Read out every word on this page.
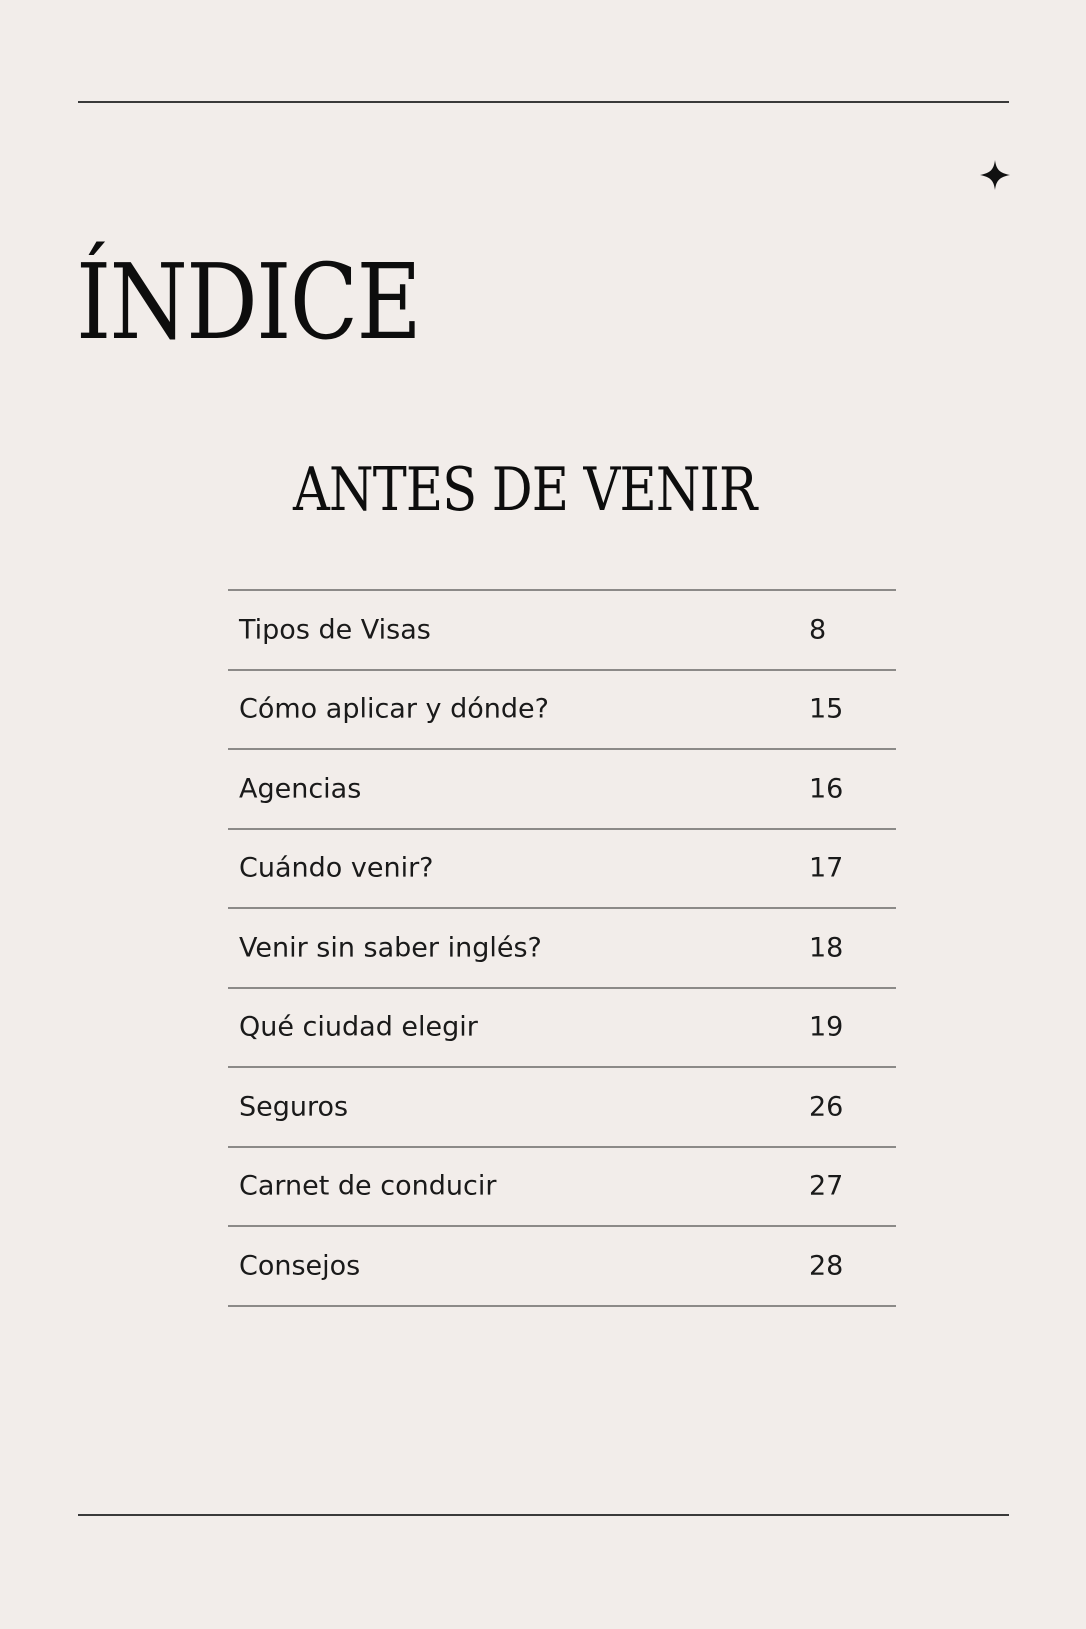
ÍNDICE
ANTES DE VENIR
Tipos de Visas	8
Cómo aplicar y dónde?	15
Agencias	16
Cuándo venir?	17
Venir sin saber inglés?	18
Qué ciudad elegir	19
Seguros	26
Carnet de conducir	27
Consejos	28
